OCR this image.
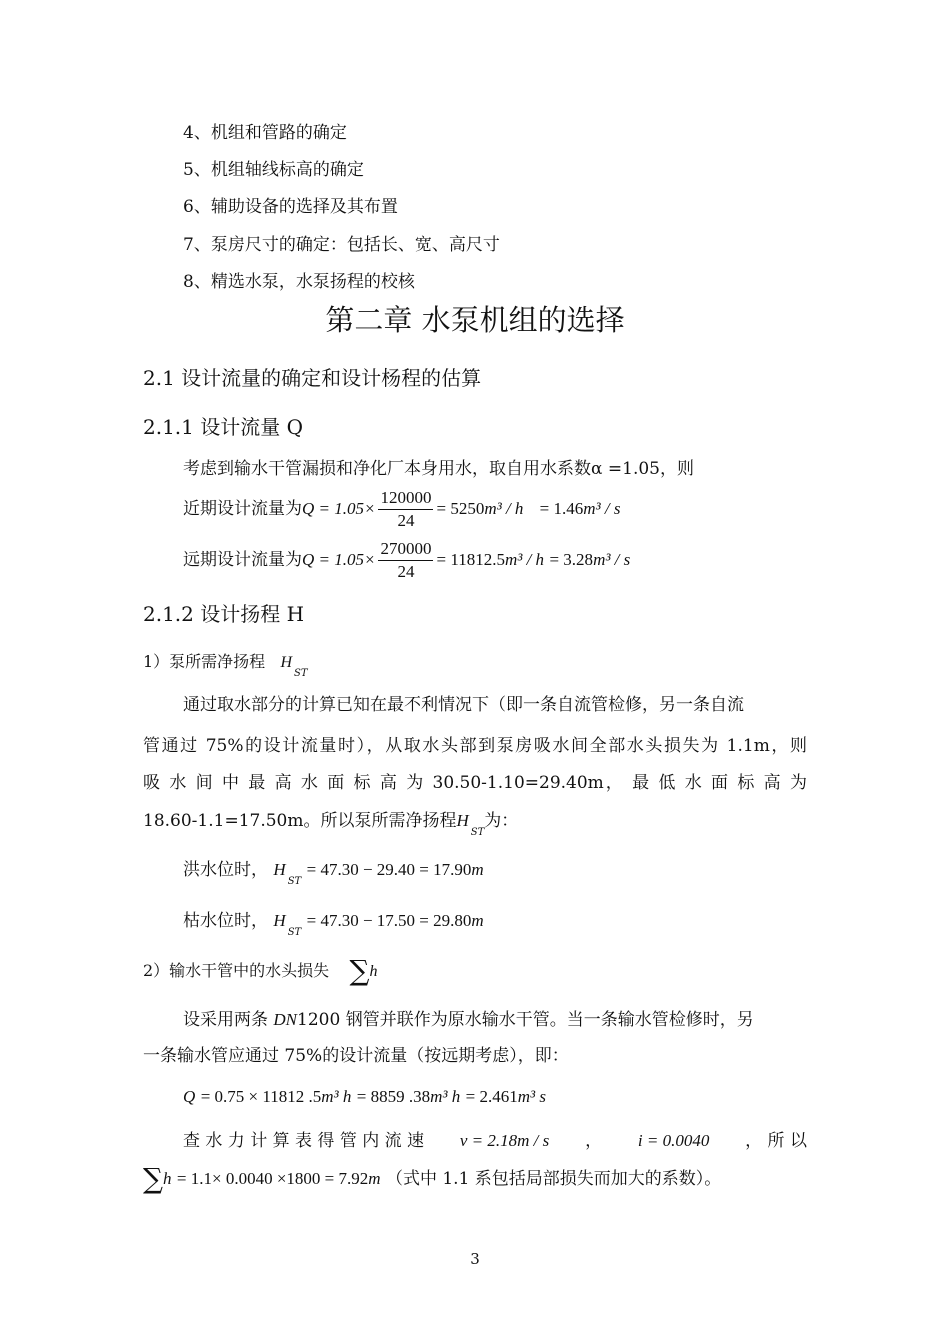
4、机组和管路的确定
5、机组轴线标高的确定
6、辅助设备的选择及其布置
7、泵房尺寸的确定：包括长、宽、高尺寸
8、精选水泵，水泵扬程的校核
第二章 水泵机组的选择
2.1 设计流量的确定和设计杨程的估算
2.1.1 设计流量 Q
考虑到输水干管漏损和净化厂本身用水，取自用水系数α =1.05，则
近期设计流量为$Q = 1.05\times \frac{120000}{24} = 5250m^3 / h = 1.46m^3 / s$
远期设计流量为$Q = 1.05\times \frac{270000}{24} = 11812.5m^3 / h = 3.28m^3 / s$
2.1.2 设计扬程 H
1）泵所需净扬程 $H_{ST}$
通过取水部分的计算已知在最不利情况下（即一条自流管检修，另一条自流
管通过 75%的设计流量时），从取水头部到泵房吸水间全部水头损失为 1.1m，则
吸 水 间 中 最 高 水 面 标 高 为 30.50-1.10=29.40m， 最 低 水 面 标 高 为
18.60-1.1=17.50m。所以泵所需净扬程$H_{ST}$为：
洪水位时， $H_{ST} = 47.30 - 29.40 = 17.90m$
枯水位时， $H_{ST} = 47.30 - 17.50 = 29.80m$
2）输水干管中的水头损失 ∑h
设采用两条 DN1200 钢管并联作为原水输水干管。当一条输水管检修时，另
一条输水管应通过 75%的设计流量（按远期考虑），即：
Q = 0.75 × 11812 .5m³ h = 8859 .38m³ h = 2.461m³ s
查 水 力 计 算 表 得 管 内 流 速 v = 2.18m / s ， i = 0.0040 ， 所 以
∑h = 1.1× 0.0040 ×1800 = 7.92m （式中 1.1 系包括局部损失而加大的系数）。
3
